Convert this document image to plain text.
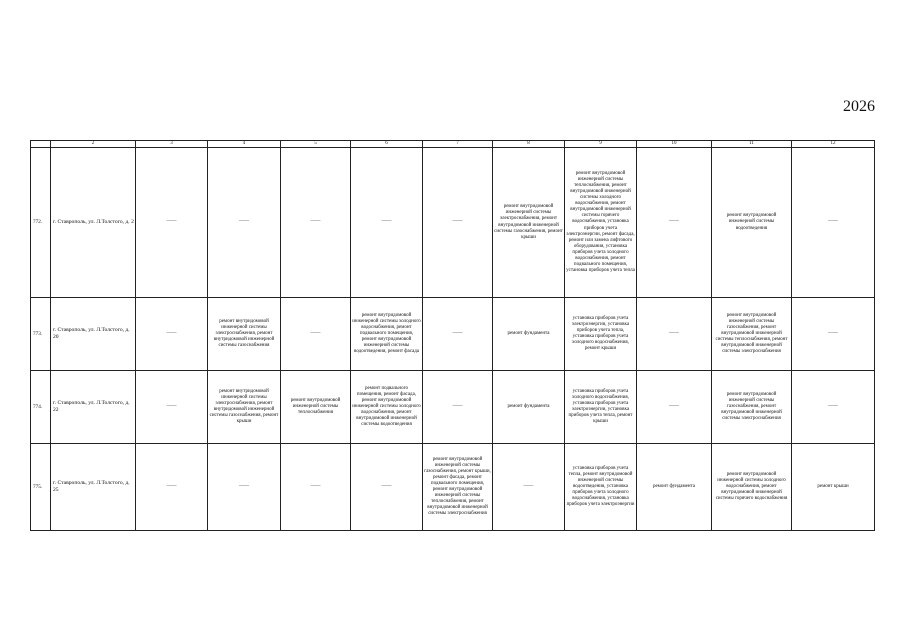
2026
	2	3	4	5	6	7	8	9	10	11	12
772.	г. Ставрополь, ул. Л.Толстого, д. 2	——	——	——	——	——	ремонт внутридомовой инженерной системы электроснабжения, ремонт внутридомовой инженерной системы газоснабжения, ремонт крыши	ремонт внутридомовой инженерной системы теплоснабжения, ремонт внутридомовой инженерной системы холодного водоснабжения, ремонт внутридомовой инженерной системы горячего водоснабжения, установка приборов учета электроэнергии, ремонт фасада, ремонт или замена лифтового оборудования, установка приборов учета холодного водоснабжения, ремонт подвального помещения, установка приборов учета тепла	——	ремонт внутридомовой инженерной системы водоотведения	——
773.	г. Ставрополь, ул. Л.Толстого, д. 20	——	ремонт внутридомовой инженерной системы электроснабжения, ремонт внутридомовой инженерной системы газоснабжения	——	ремонт внутридомовой инженерной системы холодного водоснабжения, ремонт подвального помещения, ремонт внутридомовой инженерной системы водоотведения, ремонт фасада	——	ремонт фундамента	установка приборов учета электроэнергии, установка приборов учета тепла, установка приборов учета холодного водоснабжения, ремонт крыши	——	ремонт внутридомовой инженерной системы газоснабжения, ремонт внутридомовой инженерной системы теплоснабжения, ремонт внутридомовой инженерной системы электроснабжения	——
774.	г. Ставрополь, ул. Л.Толстого, д. 22	——	ремонт внутридомовой инженерной системы электроснабжения, ремонт внутридомовой инженерной системы газоснабжения, ремонт крыши	ремонт внутридомовой инженерной системы теплоснабжения	ремонт подвального помещения, ремонт фасада, ремонт внутридомовой инженерной системы холодного водоснабжения, ремонт внутридомовой инженерной системы водоотведения	——	ремонт фундамента	установка приборов учета холодного водоснабжения, установка приборов учета электроэнергии, установка приборов учета тепла, ремонт крыши	——	ремонт внутридомовой инженерной системы газоснабжения, ремонт внутридомовой инженерной системы электроснабжения	——
775.	г. Ставрополь, ул. Л.Толстого, д. 25	——	——	——	——	ремонт внутридомовой инженерной системы газоснабжения, ремонт крыши, ремонт фасада, ремонт подвального помещения, ремонт внутридомовой инженерной системы теплоснабжения, ремонт внутридомовой инженерной системы электроснабжения	——	установка приборов учета тепла, ремонт внутридомовой инженерной системы водоотведения, установка приборов учета холодного водоснабжения, установка приборов учета электроэнергии	ремонт фундамента	ремонт внутридомовой инженерной системы холодного водоснабжения, ремонт внутридомовой инженерной системы горячего водоснабжения	ремонт крыши
